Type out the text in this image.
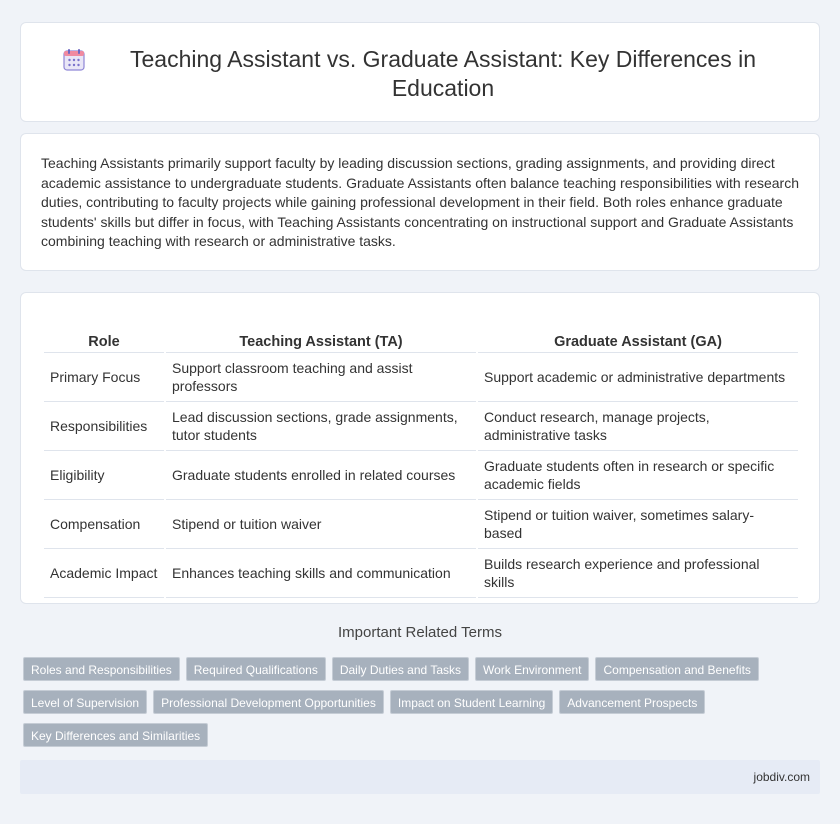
Teaching Assistant vs. Graduate Assistant: Key Differences in Education

Teaching Assistants primarily support faculty by leading discussion sections, grading assignments, and providing direct academic assistance to undergraduate students. Graduate Assistants often balance teaching responsibilities with research duties, contributing to faculty projects while gaining professional development in their field. Both roles enhance graduate students' skills but differ in focus, with Teaching Assistants concentrating on instructional support and Graduate Assistants combining teaching with research or administrative tasks.

Role	Teaching Assistant (TA)	Graduate Assistant (GA)
Primary Focus	Support classroom teaching and assist professors	Support academic or administrative departments
Responsibilities	Lead discussion sections, grade assignments, tutor students	Conduct research, manage projects, administrative tasks
Eligibility	Graduate students enrolled in related courses	Graduate students often in research or specific academic fields
Compensation	Stipend or tuition waiver	Stipend or tuition waiver, sometimes salary-based
Academic Impact	Enhances teaching skills and communication	Builds research experience and professional skills
Important Related Terms
Roles and Responsibilities	Required Qualifications	Daily Duties and Tasks	Work Environment	Compensation and Benefits
Level of Supervision	Professional Development Opportunities	Impact on Student Learning	Advancement Prospects
Key Differences and Similarities
jobdiv.com
